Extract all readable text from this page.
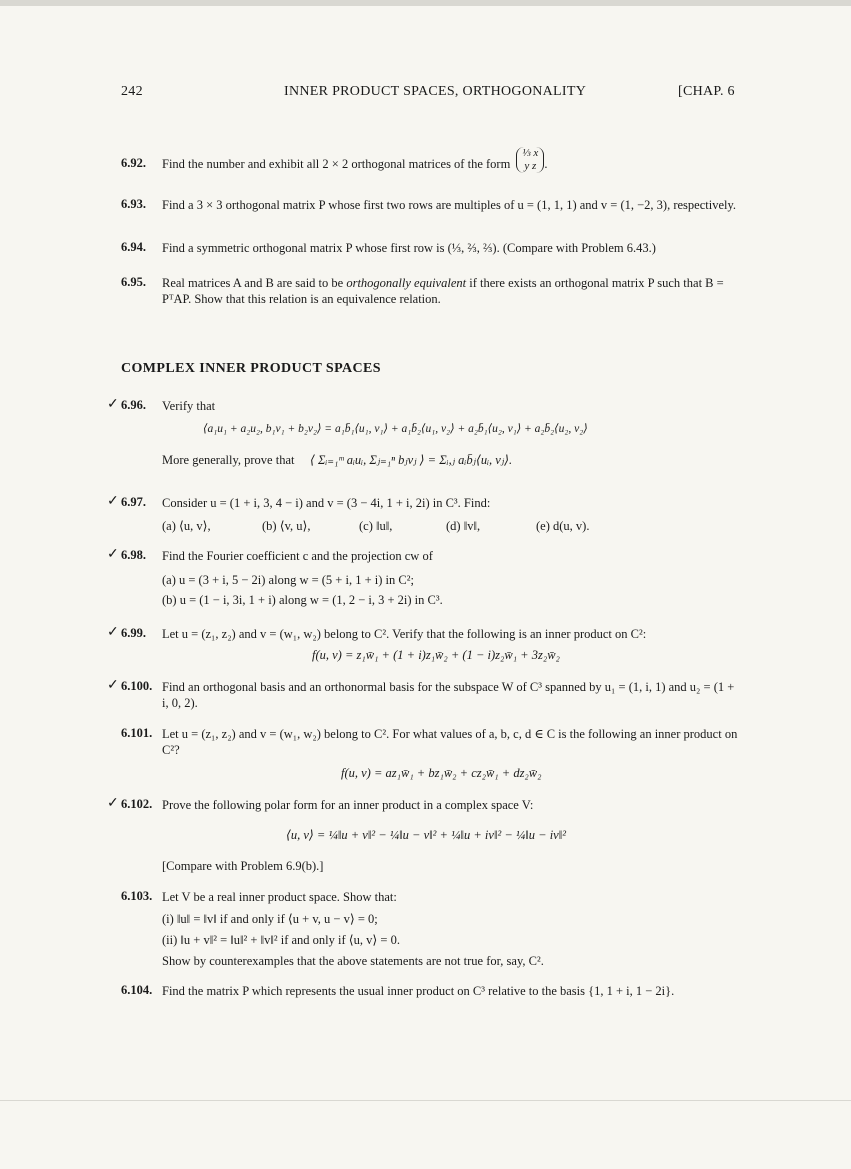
242	INNER PRODUCT SPACES, ORTHOGONALITY	[CHAP. 6
6.92. Find the number and exhibit all 2 × 2 orthogonal matrices of the form
⅓ x
y z .
6.93. Find a 3 × 3 orthogonal matrix P whose first two rows are multiples of u = (1, 1, 1) and v = (1, −2, 3), respectively.
6.94. Find a symmetric orthogonal matrix P whose first row is (⅓, ⅔, ⅔). (Compare with Problem 6.43.)
6.95. Real matrices A and B are said to be orthogonally equivalent if there exists an orthogonal matrix P such that B = PᵀAP. Show that this relation is an equivalence relation.
COMPLEX INNER PRODUCT SPACES
✓ 6.96. Verify that
⟨a₁u₁ + a₂u₂, b₁v₁ + b₂v₂⟩ = a₁b̄₁⟨u₁, v₁⟩ + a₁b̄₂⟨u₁, v₂⟩ + a₂b̄₁⟨u₂, v₁⟩ + a₂b̄₂⟨u₂, v₂⟩
More generally, prove that ⟨ Σᵢ₌₁ᵐ aᵢuᵢ, Σⱼ₌₁ⁿ bⱼvⱼ ⟩ = Σᵢ,ⱼ aᵢb̄ⱼ⟨uᵢ, vⱼ⟩.
✓ 6.97. Consider u = (1 + i, 3, 4 − i) and v = (3 − 4i, 1 + i, 2i) in C³. Find:
(a) ⟨u, v⟩,	(b) ⟨v, u⟩,	(c) ‖u‖,	(d) ‖v‖,	(e) d(u, v).
✓ 6.98. Find the Fourier coefficient c and the projection cw of
(a) u = (3 + i, 5 − 2i) along w = (5 + i, 1 + i) in C²;
(b) u = (1 − i, 3i, 1 + i) along w = (1, 2 − i, 3 + 2i) in C³.
✓ 6.99. Let u = (z₁, z₂) and v = (w₁, w₂) belong to C². Verify that the following is an inner product on C²:
f(u, v) = z₁w̄₁ + (1 + i)z₁w̄₂ + (1 − i)z₂w̄₁ + 3z₂w̄₂
✓ 6.100. Find an orthogonal basis and an orthonormal basis for the subspace W of C³ spanned by u₁ = (1, i, 1) and u₂ = (1 + i, 0, 2).
6.101. Let u = (z₁, z₂) and v = (w₁, w₂) belong to C². For what values of a, b, c, d ∈ C is the following an inner product on C²?
f(u, v) = az₁w̄₁ + bz₁w̄₂ + cz₂w̄₁ + dz₂w̄₂
✓ 6.102. Prove the following polar form for an inner product in a complex space V:
⟨u, v⟩ = ¼‖u + v‖² − ¼‖u − v‖² + ¼‖u + iv‖² − ¼‖u − iv‖²
[Compare with Problem 6.9(b).]
6.103. Let V be a real inner product space. Show that:
(i) ‖u‖ = ‖v‖ if and only if ⟨u + v, u − v⟩ = 0;
(ii) ‖u + v‖² = ‖u‖² + ‖v‖² if and only if ⟨u, v⟩ = 0.
Show by counterexamples that the above statements are not true for, say, C².
6.104. Find the matrix P which represents the usual inner product on C³ relative to the basis {1, 1 + i, 1 − 2i}.
